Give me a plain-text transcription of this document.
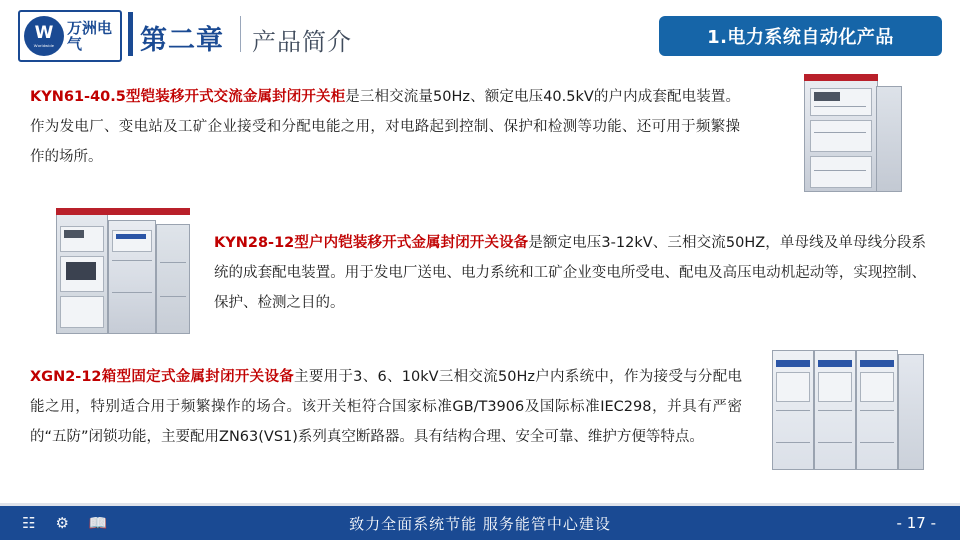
W
Worldwide
万洲电气	第二章 产品简介	1.电力系统自动化产品
KYN61-40.5型铠装移开式交流金属封闭开关柜是三相交流量50Hz、额定电压40.5kV的户内成套配电装置。作为发电厂、变电站及工矿企业接受和分配电能之用，对电路起到控制、保护和检测等功能、还可用于频繁操作的场所。
KYN28-12型户内铠装移开式金属封闭开关设备是额定电压3-12kV、三相交流50HZ，单母线及单母线分段系统的成套配电装置。用于发电厂送电、电力系统和工矿企业变电所受电、配电及高压电动机起动等，实现控制、保护、检测之目的。
XGN2-12箱型固定式金属封闭开关设备主要用于3、6、10kV三相交流50Hz户内系统中，作为接受与分配电能之用，特别适合用于频繁操作的场合。该开关柜符合国家标准GB/T3906及国际标准IEC298，并具有严密的“五防”闭锁功能，主要配用ZN63(VS1)系列真空断路器。具有结构合理、安全可靠、维护方便等特点。
☷ ⚙ 📖	致力全面系统节能 服务能管中心建设	- 17 -
